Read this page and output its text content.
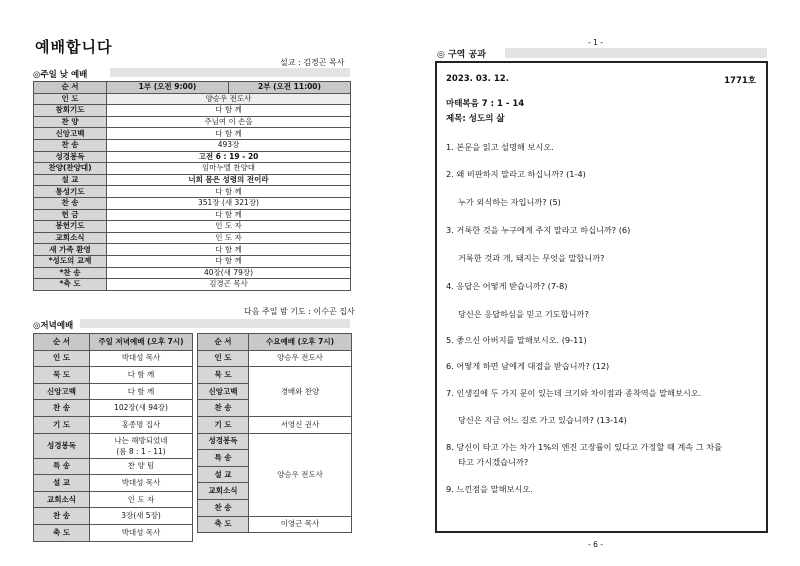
예배합니다
설교 : 김경곤 목사
◎주일 낮 예배
순 서	1부 (오전 9:00)	2부 (오전 11:00)
인 도	양승우 전도사	
참회기도	다 함 께	
찬 양	주님여 이 손을	
신앙고백	다 함 께	
찬 송	493장	
성경봉독	고전 6 : 19 - 20	
찬양(찬양대)	임마누엘 찬양대	
설 교	너희 몸은 성령의 전이라	
통성기도	다 함 께	
찬 송	351장 (새 321장)	
헌 금	다 함 께	
봉헌기도	인 도 자	
교회소식	인 도 자	
새 가족 환영	다 함 께	
*성도의 교제	다 함 께	
*찬 송	40장(새 79장)	
*축 도	김경곤 목사	
다음 주일 밤 기도 : 이수곤 집사
◎저녁예배
순 서	주일 저녁예배 (오후 7시)
인 도	박대성 목사
묵 도	다 함 께
신앙고백	다 함 께
찬 송	102장(새 94장)
기 도	홍종명 집사
성경봉독	나는 해방되었네
(롬 8 : 1 - 11)

특 송	찬 양 팀
설 교	박대성 목사
교회소식	인 도 자
찬 송	3장(새 5장)
축 도	박대성 목사
순 서	수요예배 (오후 7시)
인 도	양승우 전도사
묵 도	경배와 찬양
신앙고백	
찬 송	
기 도	서영신 권사
성경봉독	양승우 전도사
특 송	
설 교	
교회소식	
찬 송	
축 도	이영근 목사
- 1 -
◎ 구역 공과
2023. 03. 12.	1771호
마태복음 7 : 1 - 14
제목: 성도의 삶
1. 본문을 읽고 설명해 보시오.
2. 왜 비판하지 말라고 하십니까? (1-4)
누가 외식하는 자입니까? (5)
3. 거룩한 것을 누구에게 주지 말라고 하십니까? (6)
거룩한 것과 개, 돼지는 무엇을 말합니까?
4. 응답은 어떻게 받습니까? (7-8)
당신은 응답하심을 믿고 기도합니까?
5. 좋으신 아버지를 말해보시오. (9-11)
6. 어떻게 하면 남에게 대접을 받습니까? (12)
7. 인생길에 두 가지 문이 있는데 크기와 차이점과 종착역을 말해보시오.
당신은 지금 어느 길로 가고 있습니까? (13-14)
8. 당신이 타고 가는 차가 1%의 엔진 고장률이 있다고 가정할 때 계속 그 차를
타고 가시겠습니까?
9. 느낀점을 말해보시오.
- 6 -
